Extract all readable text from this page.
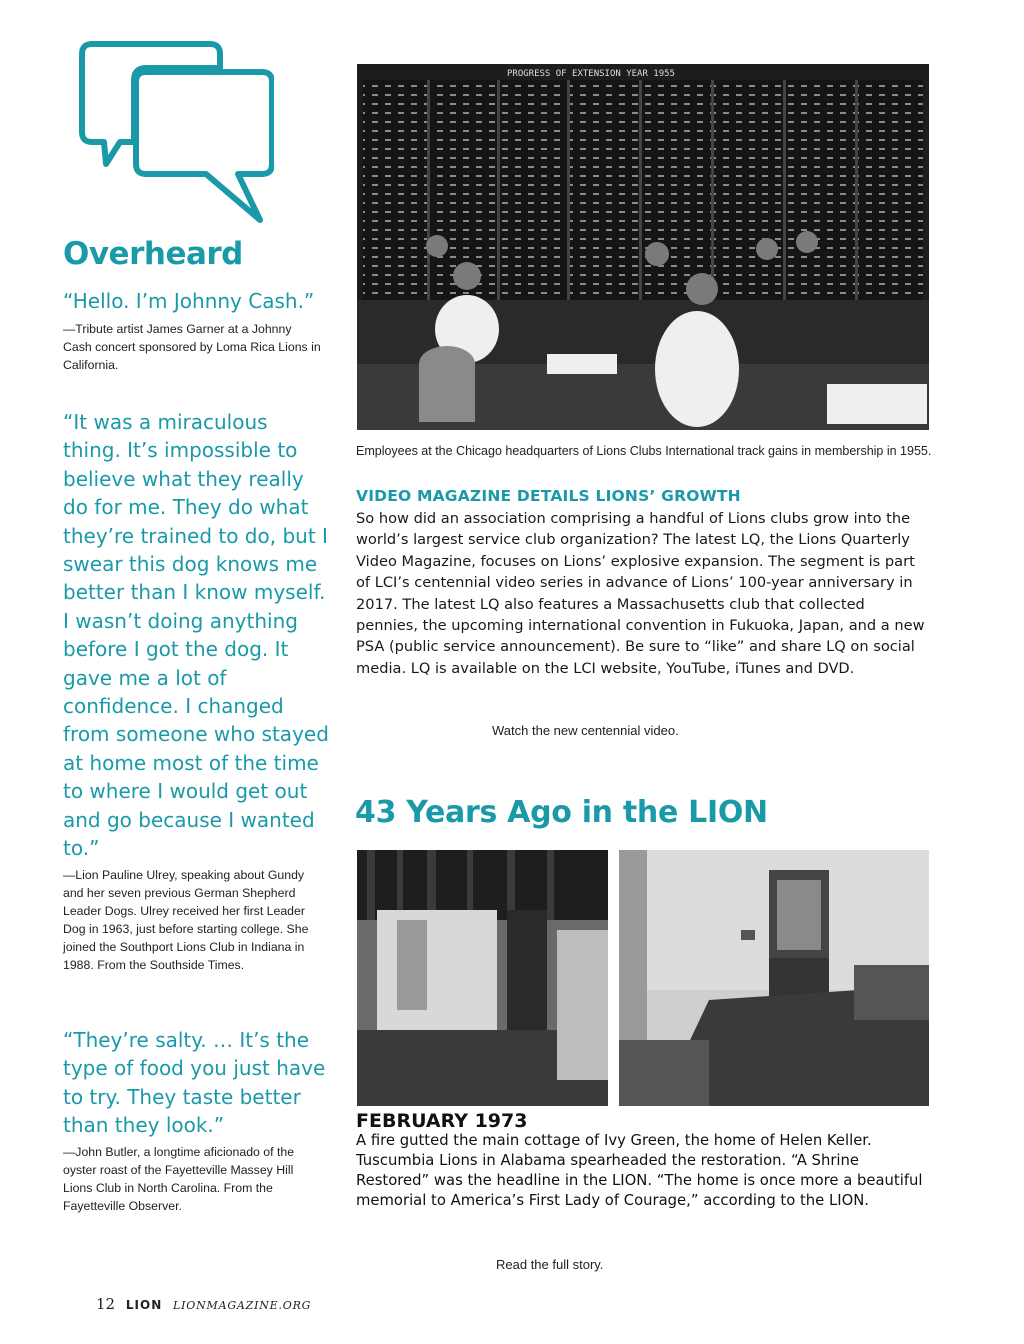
Overheard

“Hello. I’m Johnny Cash.”

—Tribute artist James Garner at a Johnny Cash concert sponsored by Loma Rica Lions in California.

“It was a miraculous thing. It’s impossible to believe what they really do for me. They do what they’re trained to do, but I swear this dog knows me better than I know myself. I wasn’t doing anything before I got the dog. It gave me a lot of confidence. I changed from someone who stayed at home most of the time to where I would get out and go because I wanted to.”

—Lion Pauline Ulrey, speaking about Gundy and her seven previous German Shepherd Leader Dogs. Ulrey received her first Leader Dog in 1963, just before starting college. She joined the Southport Lions Club in Indiana in 1988. From the Southside Times.

“They’re salty. … It’s the type of food you just have to try. They taste better than they look.”

—John Butler, a longtime aficionado of the oyster roast of the Fayetteville Massey Hill Lions Club in North Carolina. From the Fayetteville Observer.

PROGRESS OF EXTENSION YEAR 1955
Employees at the Chicago headquarters of Lions Clubs International track gains in membership in 1955.
VIDEO MAGAZINE DETAILS LIONS’ GROWTH

So how did an association comprising a handful of Lions clubs grow into the world’s largest service club organization? The latest LQ, the Lions Quarterly Video Magazine, focuses on Lions’ explosive expansion. The segment is part of LCI’s centennial video series in advance of Lions’ 100-year anniversary in 2017. The latest LQ also features a Massachusetts club that collected pennies, the upcoming international convention in Fukuoka, Japan, and a new PSA (public service announcement). Be sure to “like” and share LQ on social media. LQ is available on the LCI website, YouTube, iTunes and DVD.

Watch the new centennial video.
43 Years Ago in the LION
FEBRUARY 1973

A fire gutted the main cottage of Ivy Green, the home of Helen Keller. Tuscumbia Lions in Alabama spearheaded the restoration. “A Shrine Restored” was the headline in the LION. “The home is once more a beautiful memorial to America’s First Lady of Courage,” according to the LION.

Read the full story.
12 LION LIONMAGAZINE.ORG
